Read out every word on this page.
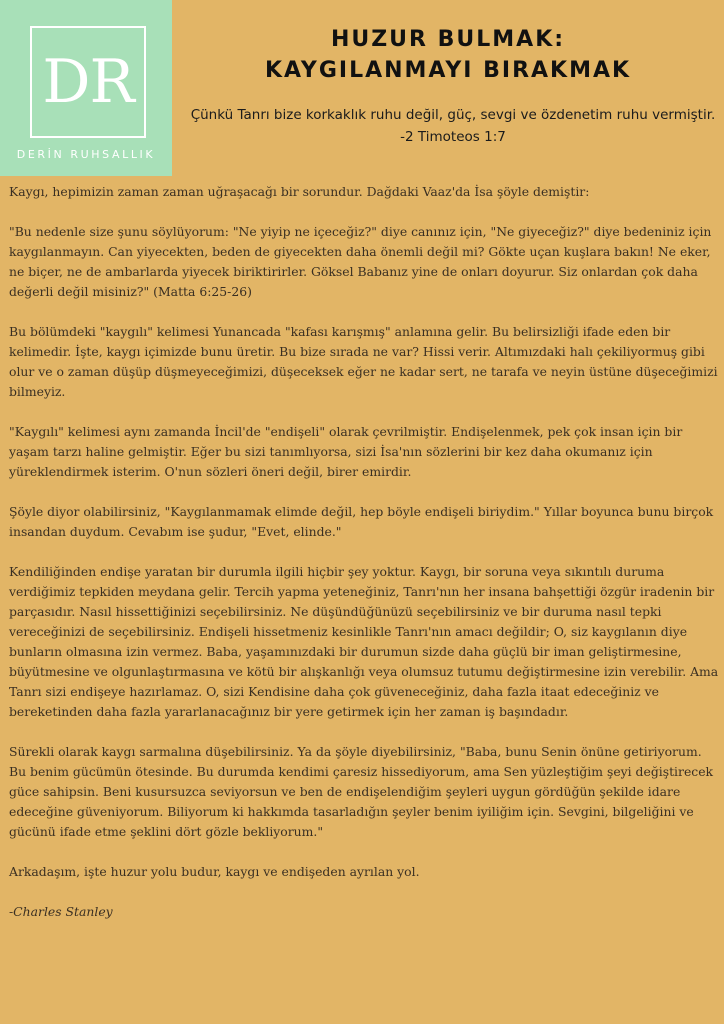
DR
DERİN RUHSALLIK
HUZUR BULMAK:
KAYGILANMAYI BIRAKMAK
Çünkü Tanrı bize korkaklık ruhu değil, güç, sevgi ve özdenetim ruhu vermiştir. -2 Timoteos 1:7

Kaygı, hepimizin zaman zaman uğraşacağı bir sorundur. Dağdaki Vaaz'da İsa şöyle demiştir:

"Bu nedenle size şunu söylüyorum: "Ne yiyip ne içeceğiz?" diye canınız için, "Ne giyeceğiz?" diye bedeniniz için kaygılanmayın. Can yiyecekten, beden de giyecekten daha önemli değil mi? Gökte uçan kuşlara bakın! Ne eker, ne biçer, ne de ambarlarda yiyecek biriktirirler. Göksel Babanız yine de onları doyurur. Siz onlardan çok daha değerli değil misiniz?" (Matta 6:25-26)

Bu bölümdeki "kaygılı" kelimesi Yunancada "kafası karışmış" anlamına gelir. Bu belirsizliği ifade eden bir kelimedir. İşte, kaygı içimizde bunu üretir. Bu bize sırada ne var? Hissi verir. Altımızdaki halı çekiliyormuş gibi olur ve o zaman düşüp düşmeyeceğimizi, düşeceksek eğer ne kadar sert, ne tarafa ve neyin üstüne düşeceğimizi bilmeyiz.

"Kaygılı" kelimesi aynı zamanda İncil'de "endişeli" olarak çevrilmiştir. Endişelenmek, pek çok insan için bir yaşam tarzı haline gelmiştir. Eğer bu sizi tanımlıyorsa, sizi İsa'nın sözlerini bir kez daha okumanız için yüreklendirmek isterim. O'nun sözleri öneri değil, birer emirdir.

Şöyle diyor olabilirsiniz, "Kaygılanmamak elimde değil, hep böyle endişeli biriydim." Yıllar boyunca bunu birçok insandan duydum. Cevabım ise şudur, "Evet, elinde."

Kendiliğinden endişe yaratan bir durumla ilgili hiçbir şey yoktur. Kaygı, bir soruna veya sıkıntılı duruma verdiğimiz tepkiden meydana gelir. Tercih yapma yeteneğiniz, Tanrı'nın her insana bahşettiği özgür iradenin bir parçasıdır. Nasıl hissettiğinizi seçebilirsiniz. Ne düşündüğünüzü seçebilirsiniz ve bir duruma nasıl tepki vereceğinizi de seçebilirsiniz. Endişeli hissetmeniz kesinlikle Tanrı'nın amacı değildir; O, siz kaygılanın diye bunların olmasına izin vermez. Baba, yaşamınızdaki bir durumun sizde daha güçlü bir iman geliştirmesine, büyütmesine ve olgunlaştırmasına ve kötü bir alışkanlığı veya olumsuz tutumu değiştirmesine izin verebilir. Ama Tanrı sizi endişeye hazırlamaz. O, sizi Kendisine daha çok güveneceğiniz, daha fazla itaat edeceğiniz ve bereketinden daha fazla yararlanacağınız bir yere getirmek için her zaman iş başındadır.

Sürekli olarak kaygı sarmalına düşebilirsiniz. Ya da şöyle diyebilirsiniz, "Baba, bunu Senin önüne getiriyorum. Bu benim gücümün ötesinde. Bu durumda kendimi çaresiz hissediyorum, ama Sen yüzleştiğim şeyi değiştirecek güce sahipsin. Beni kusursuzca seviyorsun ve ben de endişelendiğim şeyleri uygun gördüğün şekilde idare edeceğine güveniyorum. Biliyorum ki hakkımda tasarladığın şeyler benim iyiliğim için. Sevgini, bilgeliğini ve gücünü ifade etme şeklini dört gözle bekliyorum."

Arkadaşım, işte huzur yolu budur, kaygı ve endişeden ayrılan yol.

-Charles Stanley
